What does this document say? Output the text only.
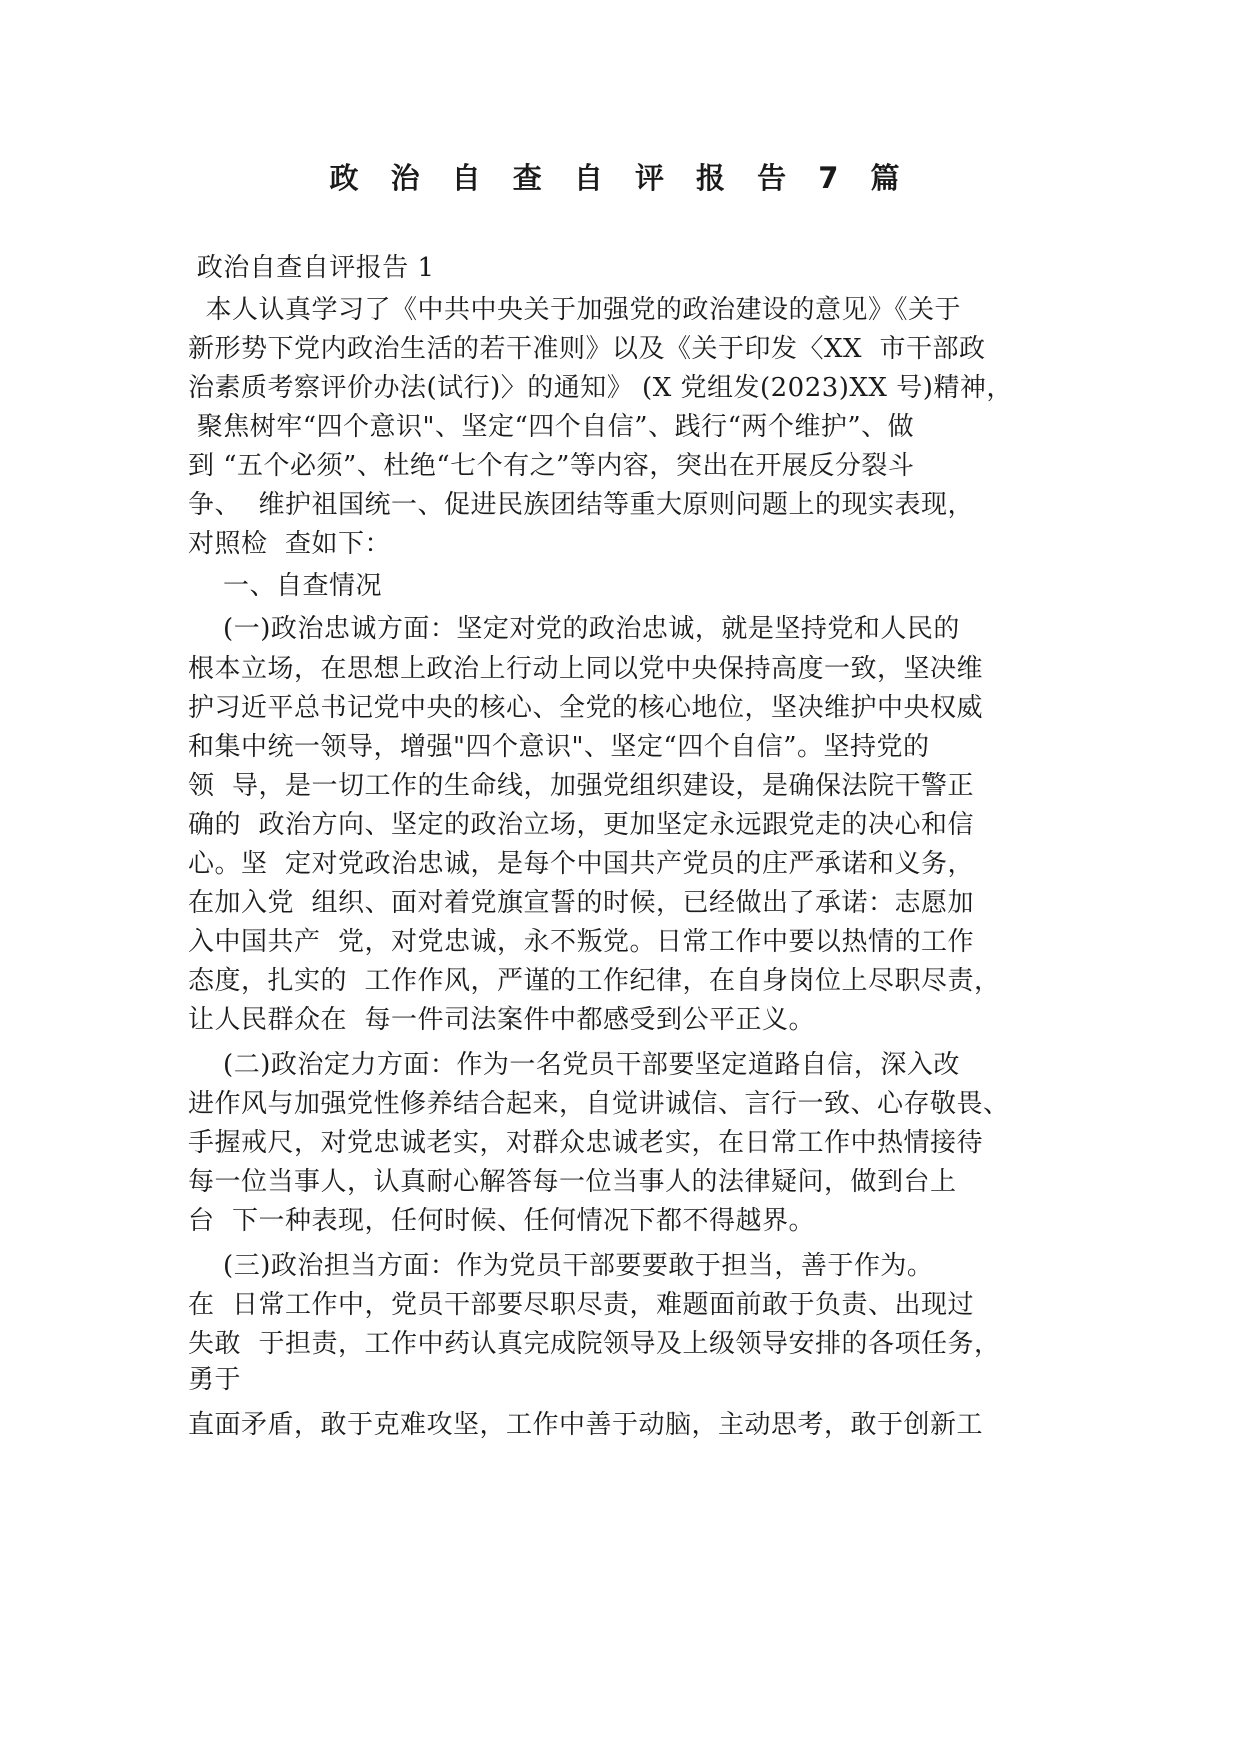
政 治 自 查 自 评 报 告 7 篇
政治自查自评报告 1
本人认真学习了《中共中央关于加强党的政治建设的意见》《关于
新形势下党内政治生活的若干准则》以及《关于印发〈XX  市干部政
治素质考察评价办法(试行)〉的通知》 (X 党组发(2023)XX 号)精神，
聚焦树牢“四个意识"、坚定“四个自信”、践行“两个维护”、做
到 “五个必须”、杜绝“七个有之”等内容，突出在开展反分裂斗
争、  维护祖国统一、促进民族团结等重大原则问题上的现实表现，
对照检  查如下：
一、自查情况
(一)政治忠诚方面：坚定对党的政治忠诚，就是坚持党和人民的
根本立场，在思想上政治上行动上同以党中央保持高度一致，坚决维
护习近平总书记党中央的核心、全党的核心地位，坚决维护中央权威
和集中统一领导，增强"四个意识"、坚定“四个自信”。坚持党的
领  导，是一切工作的生命线，加强党组织建设，是确保法院干警正
确的  政治方向、坚定的政治立场，更加坚定永远跟党走的决心和信
心。坚  定对党政治忠诚，是每个中国共产党员的庄严承诺和义务，
在加入党  组织、面对着党旗宣誓的时候，已经做出了承诺：志愿加
入中国共产  党，对党忠诚，永不叛党。日常工作中要以热情的工作
态度，扎实的  工作作风，严谨的工作纪律，在自身岗位上尽职尽责，
让人民群众在  每一件司法案件中都感受到公平正义。
(二)政治定力方面：作为一名党员干部要坚定道路自信，深入改
进作风与加强党性修养结合起来，自觉讲诚信、言行一致、心存敬畏、
手握戒尺，对党忠诚老实，对群众忠诚老实，在日常工作中热情接待
每一位当事人，认真耐心解答每一位当事人的法律疑问，做到台上
台  下一种表现，任何时候、任何情况下都不得越界。
(三)政治担当方面：作为党员干部要要敢于担当，善于作为。
在  日常工作中，党员干部要尽职尽责，难题面前敢于负责、出现过
失敢  于担责，工作中药认真完成院领导及上级领导安排的各项任务，
勇于
直面矛盾，敢于克难攻坚，工作中善于动脑，主动思考，敢于创新工
